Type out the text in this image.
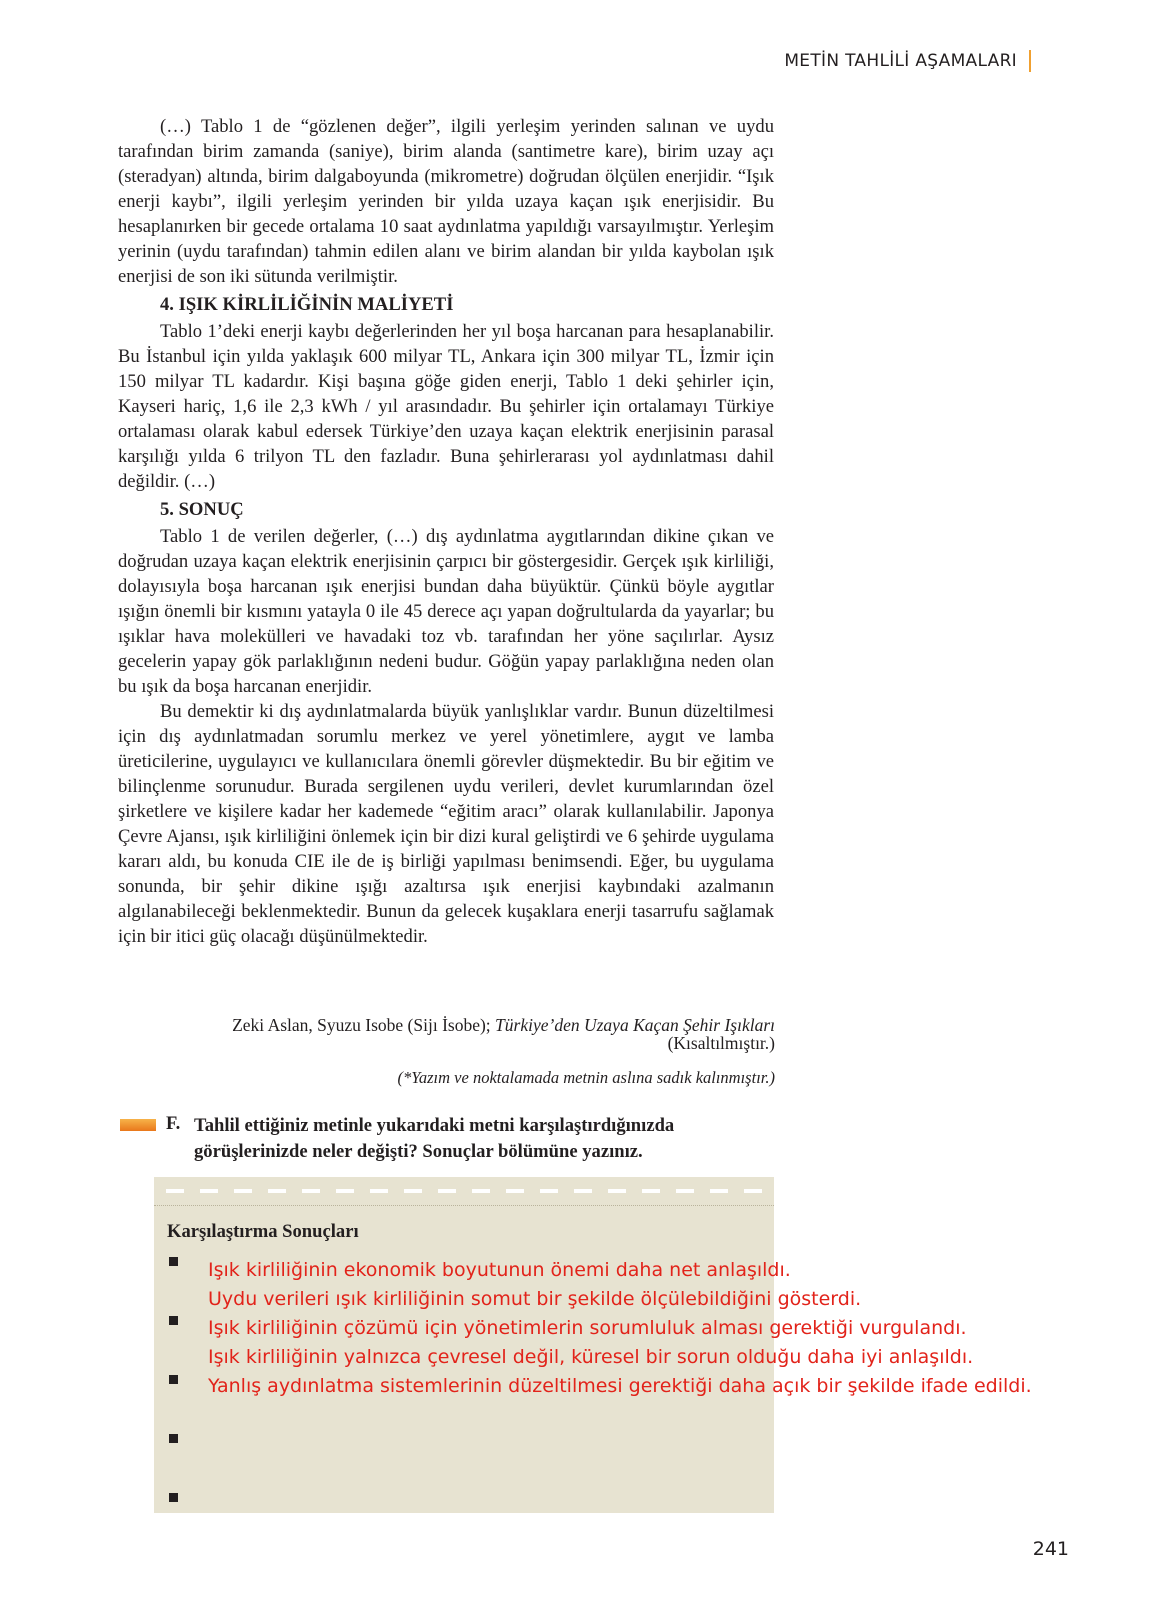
METİN TAHLİLİ AŞAMALARI

(…) Tablo 1 de “gözlenen değer”, ilgili yerleşim yerinden salınan ve uydu tarafından birim zamanda (saniye), birim alanda (santimetre kare), birim uzay açı (steradyan) altında, birim dalgaboyunda (mikrometre) doğrudan ölçülen enerjidir. “Işık enerji kaybı”, ilgili yerleşim yerinden bir yılda uzaya kaçan ışık enerjisidir. Bu hesaplanırken bir gecede ortalama 10 saat aydınlatma yapıldığı varsayılmıştır. Yerleşim yerinin (uydu tarafından) tahmin edilen alanı ve birim alandan bir yılda kaybolan ışık enerjisi de son iki sütunda verilmiştir.

4. IŞIK KİRLİLİĞİNİN MALİYETİ

Tablo 1’deki enerji kaybı değerlerinden her yıl boşa harcanan para hesaplanabilir. Bu İstanbul için yılda yaklaşık 600 milyar TL, Ankara için 300 milyar TL, İzmir için 150 milyar TL kadardır. Kişi başına göğe giden enerji, Tablo 1 deki şehirler için, Kayseri hariç, 1,6 ile 2,3 kWh / yıl arasındadır. Bu şehirler için ortalamayı Türkiye ortalaması olarak kabul edersek Türkiye’den uzaya kaçan elektrik enerjisinin parasal karşılığı yılda 6 trilyon TL den fazladır. Buna şehirlerarası yol aydınlatması dahil değildir. (…)

5. SONUÇ

Tablo 1 de verilen değerler, (…) dış aydınlatma aygıtlarından dikine çıkan ve doğrudan uzaya kaçan elektrik enerjisinin çarpıcı bir göstergesidir. Gerçek ışık kirliliği, dolayısıyla boşa harcanan ışık enerjisi bundan daha büyüktür. Çünkü böyle aygıtlar ışığın önemli bir kısmını yatayla 0 ile 45 derece açı yapan doğrultularda da yayarlar; bu ışıklar hava molekülleri ve havadaki toz vb. tarafından her yöne saçılırlar. Aysız gecelerin yapay gök parlaklığının nedeni budur. Göğün yapay parlaklığına neden olan bu ışık da boşa harcanan enerjidir.

Bu demektir ki dış aydınlatmalarda büyük yanlışlıklar vardır. Bunun düzeltilmesi için dış aydınlatmadan sorumlu merkez ve yerel yönetimlere, aygıt ve lamba üreticilerine, uygulayıcı ve kullanıcılara önemli görevler düşmektedir. Bu bir eğitim ve bilinçlenme sorunudur. Burada sergilenen uydu verileri, devlet kurumlarından özel şirketlere ve kişilere kadar her kademede “eğitim aracı” olarak kullanılabilir. Japonya Çevre Ajansı, ışık kirliliğini önlemek için bir dizi kural geliştirdi ve 6 şehirde uygulama kararı aldı, bu konuda CIE ile de iş birliği yapılması benimsendi. Eğer, bu uygulama sonunda, bir şehir dikine ışığı azaltırsa ışık enerjisi kaybındaki azalmanın algılanabileceği beklenmektedir. Bunun da gelecek kuşaklara enerji tasarrufu sağlamak için bir itici güç olacağı düşünülmektedir.

Zeki Aslan, Syuzu Isobe (Sijı İsobe); Türkiye’den Uzaya Kaçan Şehir Işıkları
(Kısaltılmıştır.)
(*Yazım ve noktalamada metnin aslına sadık kalınmıştır.)
F. Tahlil ettiğiniz metinle yukarıdaki metni karşılaştırdığınızda görüşlerinizde neler değişti? Sonuçlar bölümüne yazınız.
Karşılaştırma Sonuçları
Işık kirliliğinin ekonomik boyutunun önemi daha net anlaşıldı.
Uydu verileri ışık kirliliğinin somut bir şekilde ölçülebildiğini gösterdi.
Işık kirliliğinin çözümü için yönetimlerin sorumluluk alması gerektiği vurgulandı.
Işık kirliliğinin yalnızca çevresel değil, küresel bir sorun olduğu daha iyi anlaşıldı.
Yanlış aydınlatma sistemlerinin düzeltilmesi gerektiği daha açık bir şekilde ifade edildi.
241
